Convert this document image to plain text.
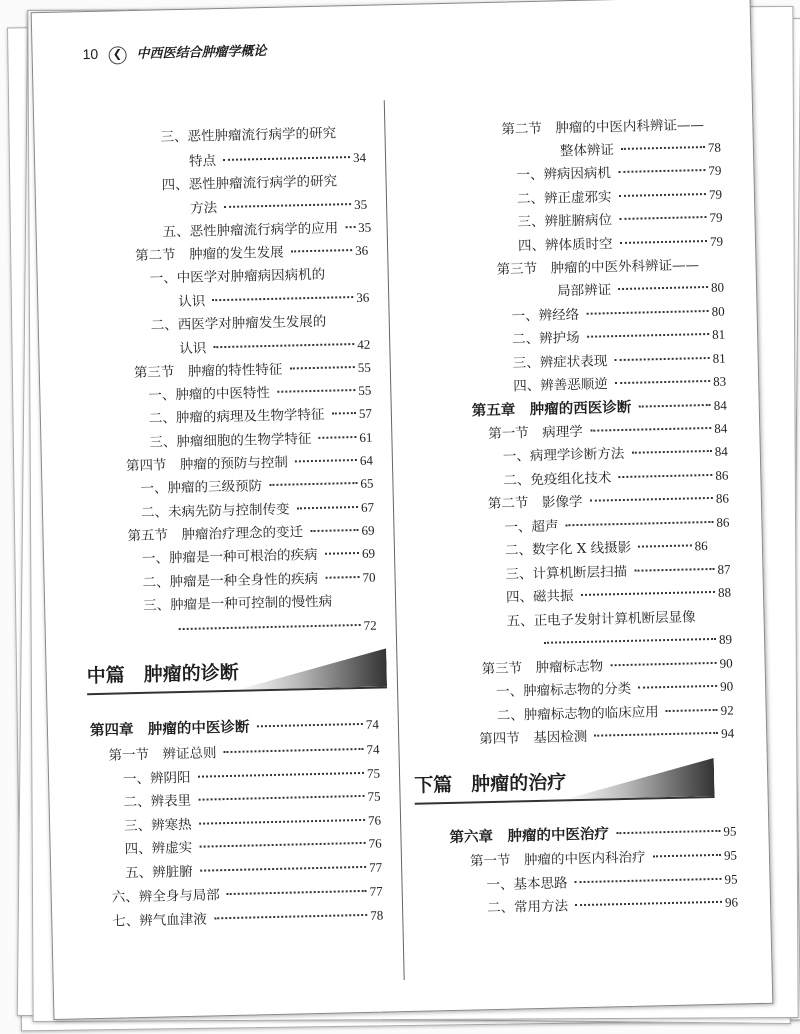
10 ❮ 中西医结合肿瘤学概论
三、恶性肿瘤流行病学的研究
特点	34
四、恶性肿瘤流行病学的研究
方法	35
五、恶性肿瘤流行病学的应用 35
第二节　肿瘤的发生发展	36
一、中医学对肿瘤病因病机的
认识	36
二、西医学对肿瘤发生发展的
认识	42
第三节　肿瘤的特性特征	55
一、肿瘤的中医特性	55
二、肿瘤的病理及生物学特征	57
三、肿瘤细胞的生物学特征	61
第四节　肿瘤的预防与控制	64
一、肿瘤的三级预防	65
二、未病先防与控制传变	67
第五节　肿瘤治疗理念的变迁	69
一、肿瘤是一种可根治的疾病	69
二、肿瘤是一种全身性的疾病	70
三、肿瘤是一种可控制的慢性病
72
中篇　肿瘤的诊断
第四章　肿瘤的中医诊断	74
第一节　辨证总则	74
一、辨阴阳	75
二、辨表里	75
三、辨寒热	76
四、辨虚实	76
五、辨脏腑	77
六、辨全身与局部	77
七、辨气血津液	78
第二节　肿瘤的中医内科辨证——
整体辨证	78
一、辨病因病机	79
二、辨正虚邪实	79
三、辨脏腑病位	79
四、辨体质时空	79
第三节　肿瘤的中医外科辨证——
局部辨证	80
一、辨经络	80
二、辨护场	81
三、辨症状表现	81
四、辨善恶顺逆	83
第五章　肿瘤的西医诊断	84
第一节　病理学	84
一、病理学诊断方法	84
二、免疫组化技术	86
第二节　影像学	86
一、超声	86
二、数字化 X 线摄影	86
三、计算机断层扫描	87
四、磁共振	88
五、正电子发射计算机断层显像
89
第三节　肿瘤标志物	90
一、肿瘤标志物的分类	90
二、肿瘤标志物的临床应用	92
第四节　基因检测	94
下篇　肿瘤的治疗
第六章　肿瘤的中医治疗	95
第一节　肿瘤的中医内科治疗	95
一、基本思路	95
二、常用方法	96
